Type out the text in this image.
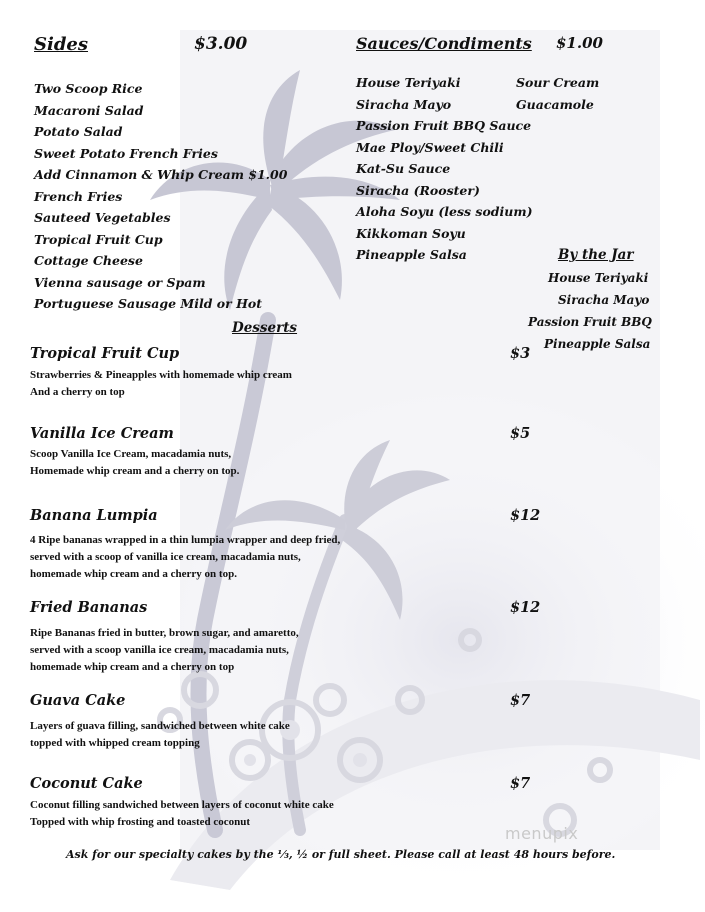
Sides	$3.00
Two Scoop Rice
Macaroni Salad
Potato Salad
Sweet Potato French Fries
Add Cinnamon & Whip Cream $1.00
French Fries
Sauteed Vegetables
Tropical Fruit Cup
Cottage Cheese
Vienna sausage or Spam
Portuguese Sausage Mild or Hot
Sauces/Condiments $1.00
House Teriyaki
Siracha Mayo
Passion Fruit BBQ Sauce
Mae Ploy/Sweet Chili
Kat-Su Sauce
Siracha (Rooster)
Aloha Soyu (less sodium)
Kikkoman Soyu
Pineapple Salsa
Sour Cream
Guacamole
By the Jar
House Teriyaki
Siracha Mayo
Passion Fruit BBQ
Pineapple Salsa
Desserts
Tropical Fruit Cup	$3
Strawberries & Pineapples with homemade whip cream
And a cherry on top
Vanilla Ice Cream	$5
Scoop Vanilla Ice Cream, macadamia nuts,
Homemade whip cream and a cherry on top.
Banana Lumpia	$12
4 Ripe bananas wrapped in a thin lumpia wrapper and deep fried,
served with a scoop of vanilla ice cream, macadamia nuts,
homemade whip cream and a cherry on top.
Fried Bananas	$12
Ripe Bananas fried in butter, brown sugar, and amaretto,
served with a scoop vanilla ice cream, macadamia nuts,
homemade whip cream and a cherry on top
Guava Cake	$7
Layers of guava filling, sandwiched between white cake
topped with whipped cream topping
Coconut Cake	$7
Coconut filling sandwiched between layers of coconut white cake
Topped with whip frosting and toasted coconut
menupix
Ask for our specialty cakes by the ⅓, ½ or full sheet. Please call at least 48 hours before.
